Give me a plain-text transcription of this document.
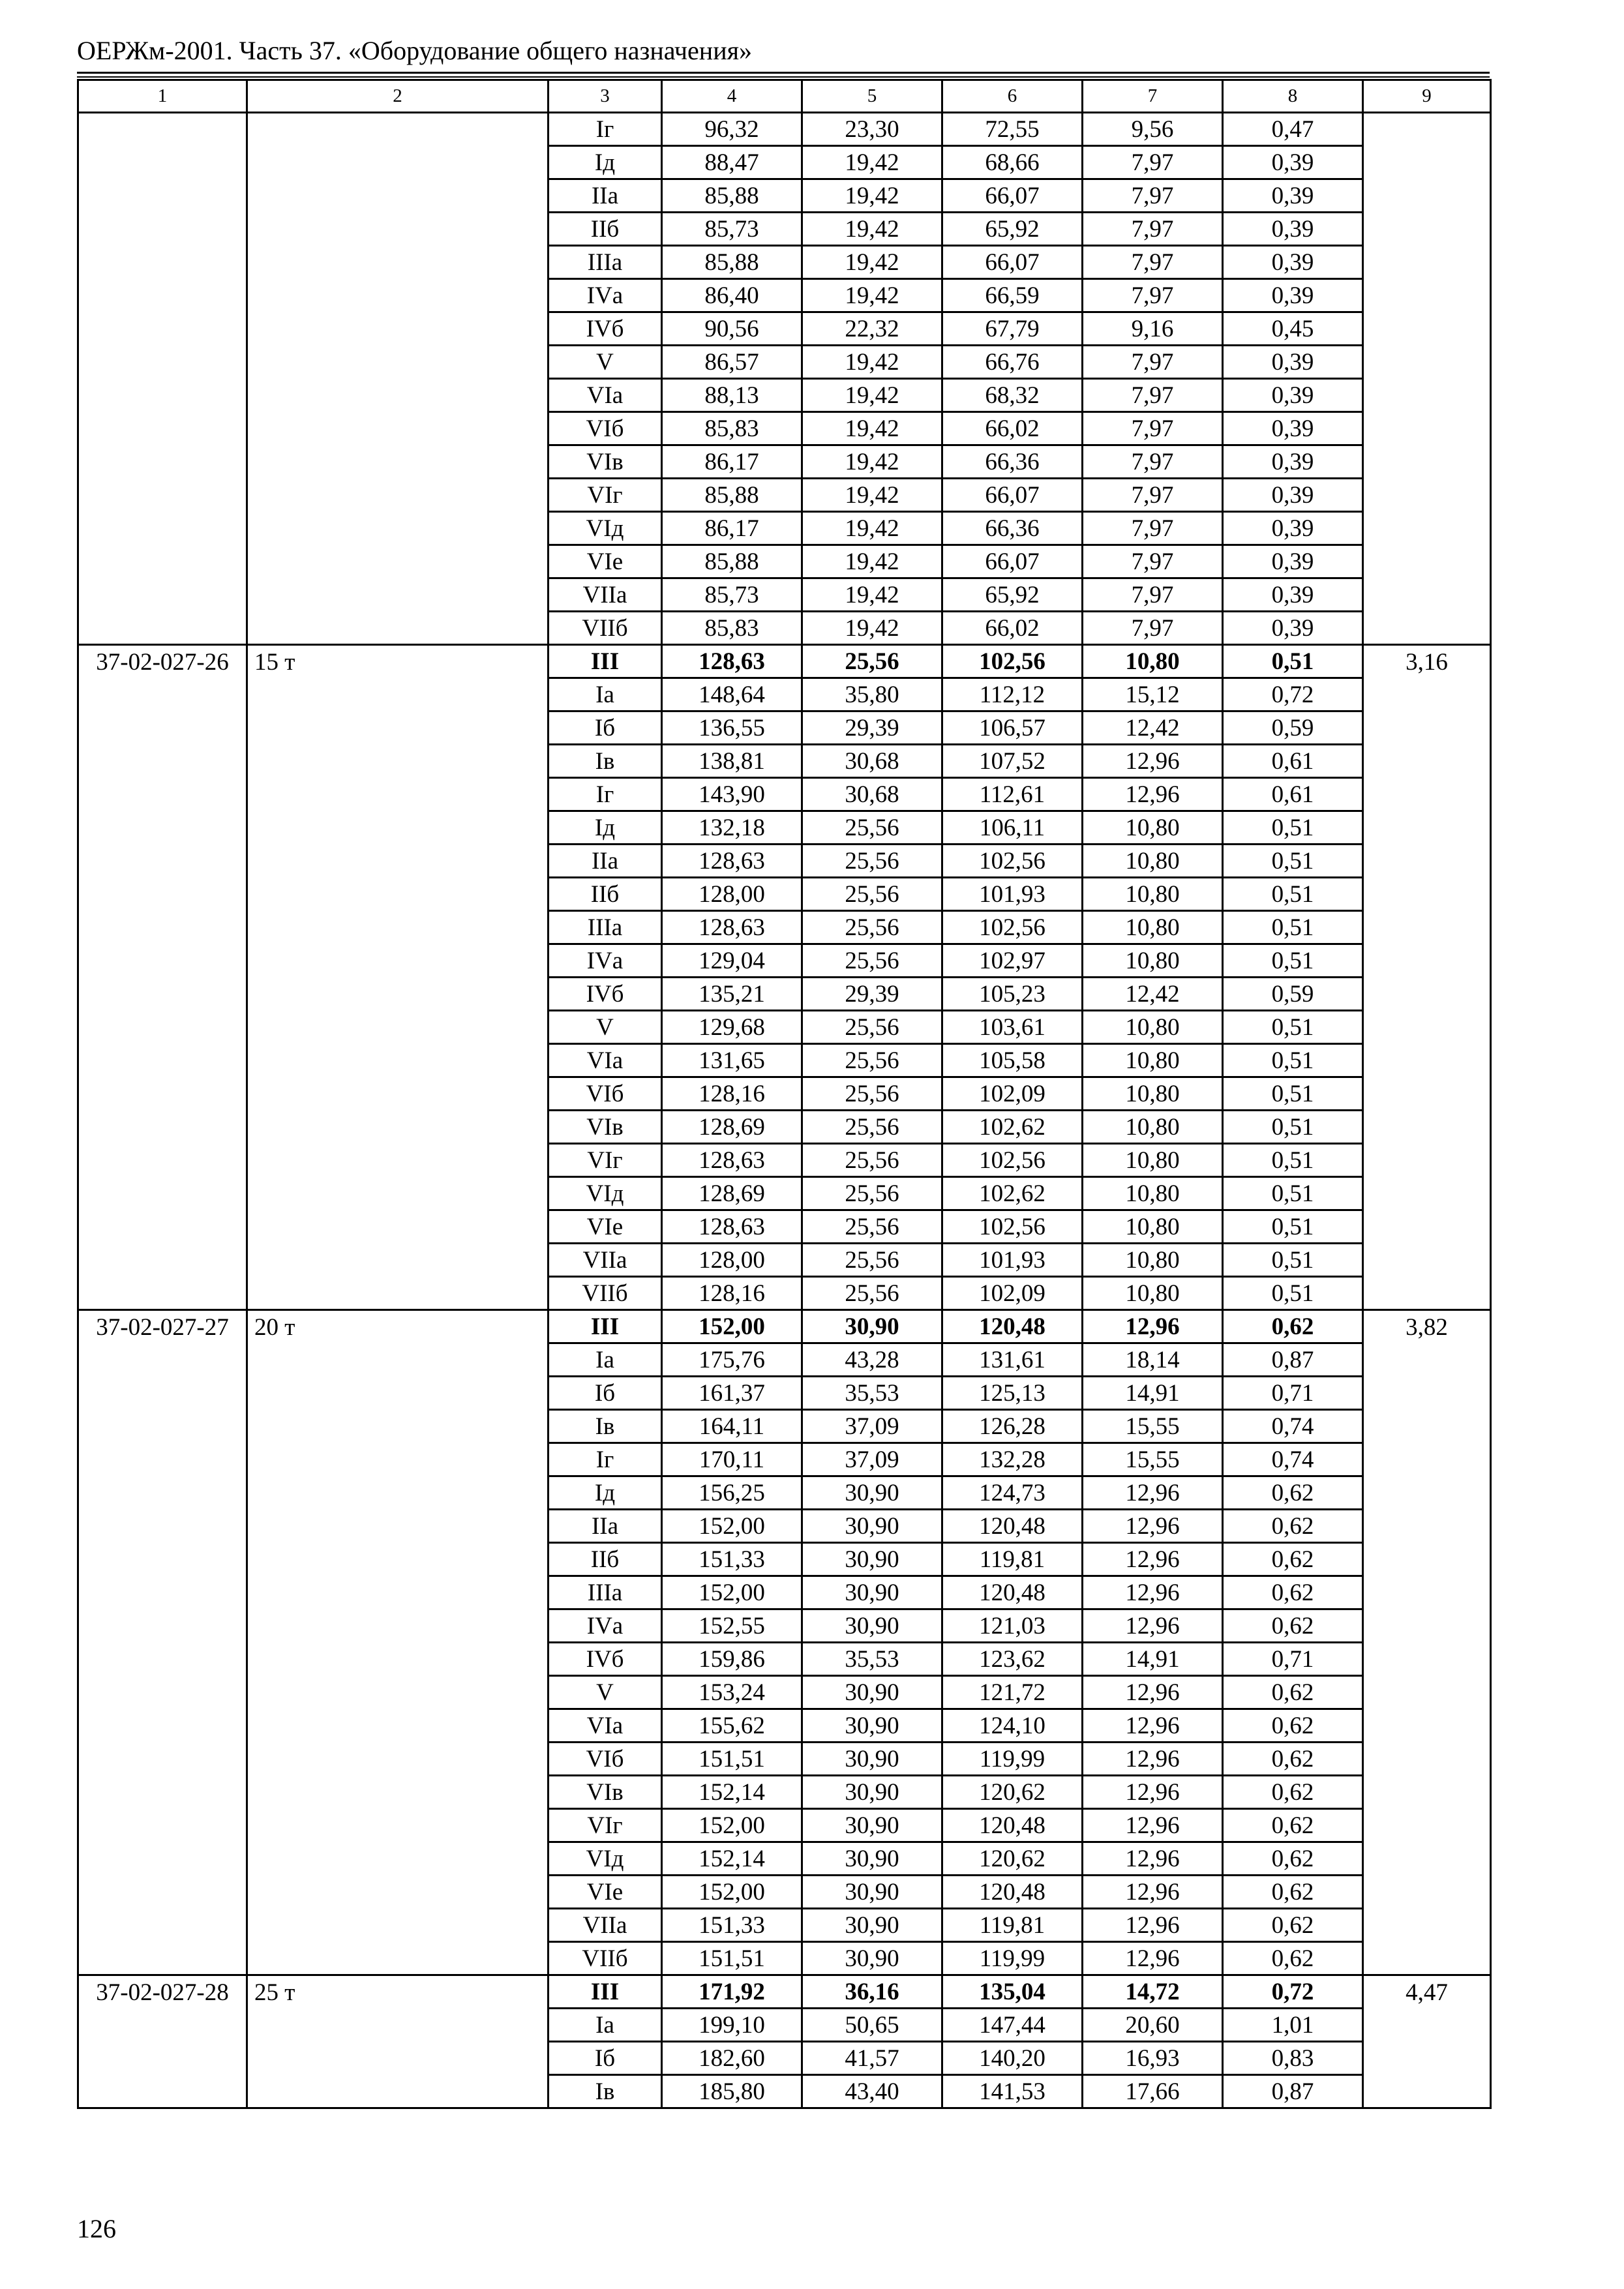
ОЕРЖм-2001. Часть 37. «Оборудование общего назначения»
1	2	3	4	5	6	7	8	9
		Iг	96,32	23,30	72,55	9,56	0,47	
		Iд	88,47	19,42	68,66	7,97	0,39	
		IIа	85,88	19,42	66,07	7,97	0,39	
		IIб	85,73	19,42	65,92	7,97	0,39	
		IIIа	85,88	19,42	66,07	7,97	0,39	
		IVа	86,40	19,42	66,59	7,97	0,39	
		IVб	90,56	22,32	67,79	9,16	0,45	
		V	86,57	19,42	66,76	7,97	0,39	
		VIа	88,13	19,42	68,32	7,97	0,39	
		VIб	85,83	19,42	66,02	7,97	0,39	
		VIв	86,17	19,42	66,36	7,97	0,39	
		VIг	85,88	19,42	66,07	7,97	0,39	
		VIд	86,17	19,42	66,36	7,97	0,39	
		VIе	85,88	19,42	66,07	7,97	0,39	
		VIIа	85,73	19,42	65,92	7,97	0,39	
		VIIб	85,83	19,42	66,02	7,97	0,39	
37-02-027-26	15 т	III	128,63	25,56	102,56	10,80	0,51	3,16
		Iа	148,64	35,80	112,12	15,12	0,72	
		Iб	136,55	29,39	106,57	12,42	0,59	
		Iв	138,81	30,68	107,52	12,96	0,61	
		Iг	143,90	30,68	112,61	12,96	0,61	
		Iд	132,18	25,56	106,11	10,80	0,51	
		IIа	128,63	25,56	102,56	10,80	0,51	
		IIб	128,00	25,56	101,93	10,80	0,51	
		IIIа	128,63	25,56	102,56	10,80	0,51	
		IVа	129,04	25,56	102,97	10,80	0,51	
		IVб	135,21	29,39	105,23	12,42	0,59	
		V	129,68	25,56	103,61	10,80	0,51	
		VIа	131,65	25,56	105,58	10,80	0,51	
		VIб	128,16	25,56	102,09	10,80	0,51	
		VIв	128,69	25,56	102,62	10,80	0,51	
		VIг	128,63	25,56	102,56	10,80	0,51	
		VIд	128,69	25,56	102,62	10,80	0,51	
		VIе	128,63	25,56	102,56	10,80	0,51	
		VIIа	128,00	25,56	101,93	10,80	0,51	
		VIIб	128,16	25,56	102,09	10,80	0,51	
37-02-027-27	20 т	III	152,00	30,90	120,48	12,96	0,62	3,82
		Iа	175,76	43,28	131,61	18,14	0,87	
		Iб	161,37	35,53	125,13	14,91	0,71	
		Iв	164,11	37,09	126,28	15,55	0,74	
		Iг	170,11	37,09	132,28	15,55	0,74	
		Iд	156,25	30,90	124,73	12,96	0,62	
		IIа	152,00	30,90	120,48	12,96	0,62	
		IIб	151,33	30,90	119,81	12,96	0,62	
		IIIа	152,00	30,90	120,48	12,96	0,62	
		IVа	152,55	30,90	121,03	12,96	0,62	
		IVб	159,86	35,53	123,62	14,91	0,71	
		V	153,24	30,90	121,72	12,96	0,62	
		VIа	155,62	30,90	124,10	12,96	0,62	
		VIб	151,51	30,90	119,99	12,96	0,62	
		VIв	152,14	30,90	120,62	12,96	0,62	
		VIг	152,00	30,90	120,48	12,96	0,62	
		VIд	152,14	30,90	120,62	12,96	0,62	
		VIе	152,00	30,90	120,48	12,96	0,62	
		VIIа	151,33	30,90	119,81	12,96	0,62	
		VIIб	151,51	30,90	119,99	12,96	0,62	
37-02-027-28	25 т	III	171,92	36,16	135,04	14,72	0,72	4,47
		Iа	199,10	50,65	147,44	20,60	1,01	
		Iб	182,60	41,57	140,20	16,93	0,83	
		Iв	185,80	43,40	141,53	17,66	0,87	
126
